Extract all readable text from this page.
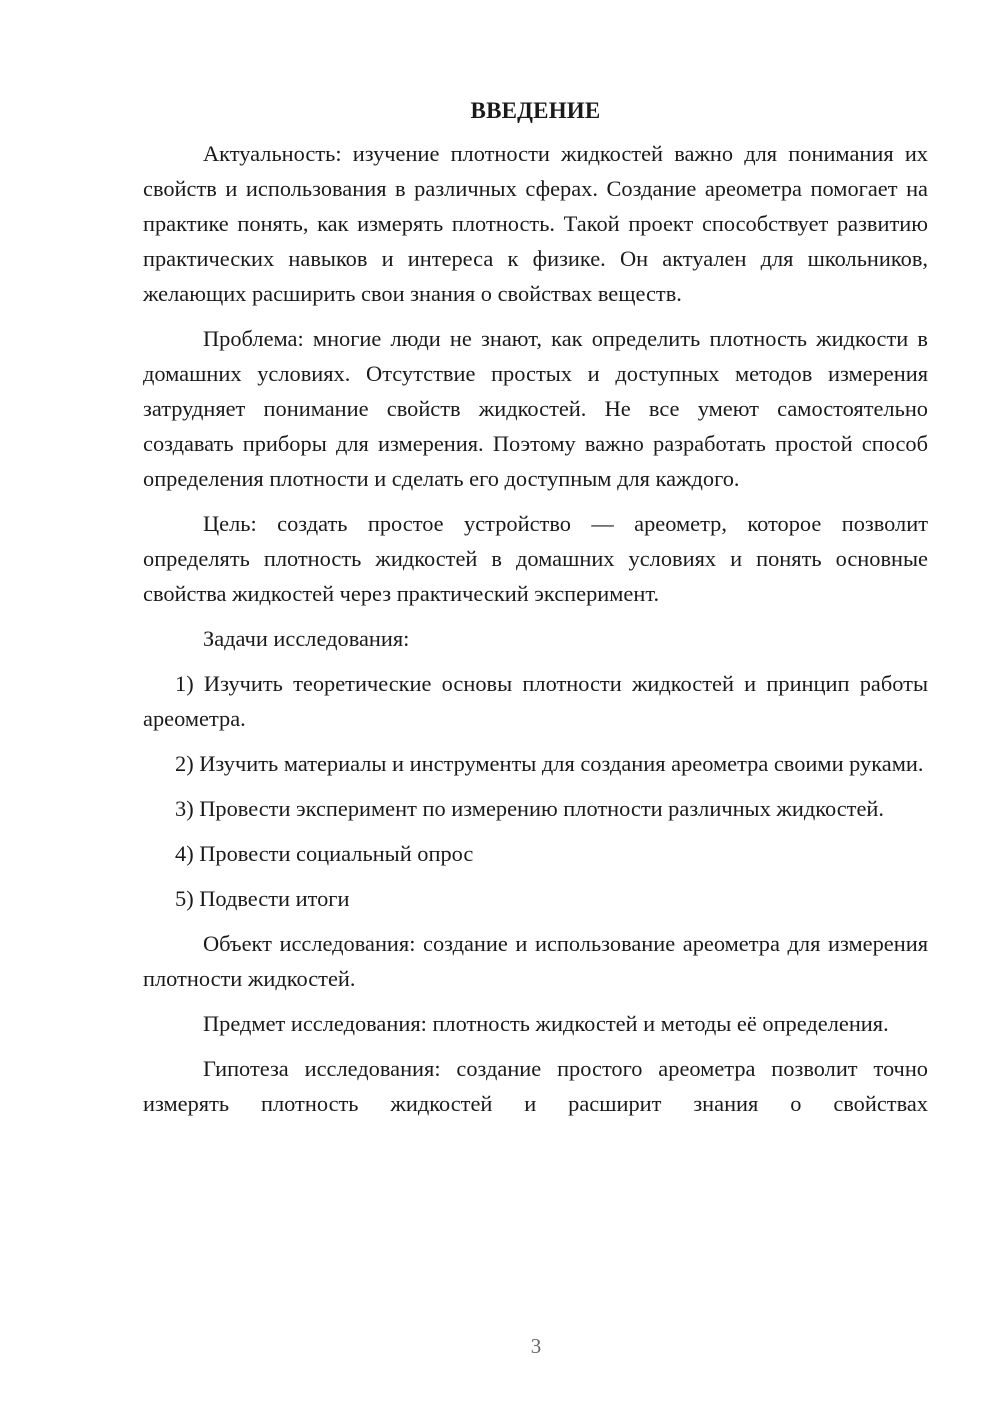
ВВЕДЕНИЕ

Актуальность: изучение плотности жидкостей важно для понимания их свойств и использования в различных сферах. Создание ареометра помогает на практике понять, как измерять плотность. Такой проект способствует развитию практических навыков и интереса к физике. Он актуален для школьников, желающих расширить свои знания о свойствах веществ.

Проблема: многие люди не знают, как определить плотность жидкости в домашних условиях. Отсутствие простых и доступных методов измерения затрудняет понимание свойств жидкостей. Не все умеют самостоятельно создавать приборы для измерения. Поэтому важно разработать простой способ определения плотности и сделать его доступным для каждого.

Цель: создать простое устройство — ареометр, которое позволит определять плотность жидкостей в домашних условиях и понять основные свойства жидкостей через практический эксперимент.

Задачи исследования:

1) Изучить теоретические основы плотности жидкостей и принцип работы ареометра.

2) Изучить материалы и инструменты для создания ареометра своими руками.

3) Провести эксперимент по измерению плотности различных жидкостей.

4) Провести социальный опрос

5) Подвести итоги

Объект исследования: создание и использование ареометра для измерения плотности жидкостей.

Предмет исследования: плотность жидкостей и методы её определения.

Гипотеза исследования: создание простого ареометра позволит точно измерять плотность жидкостей и расширит знания о свойствах

3
